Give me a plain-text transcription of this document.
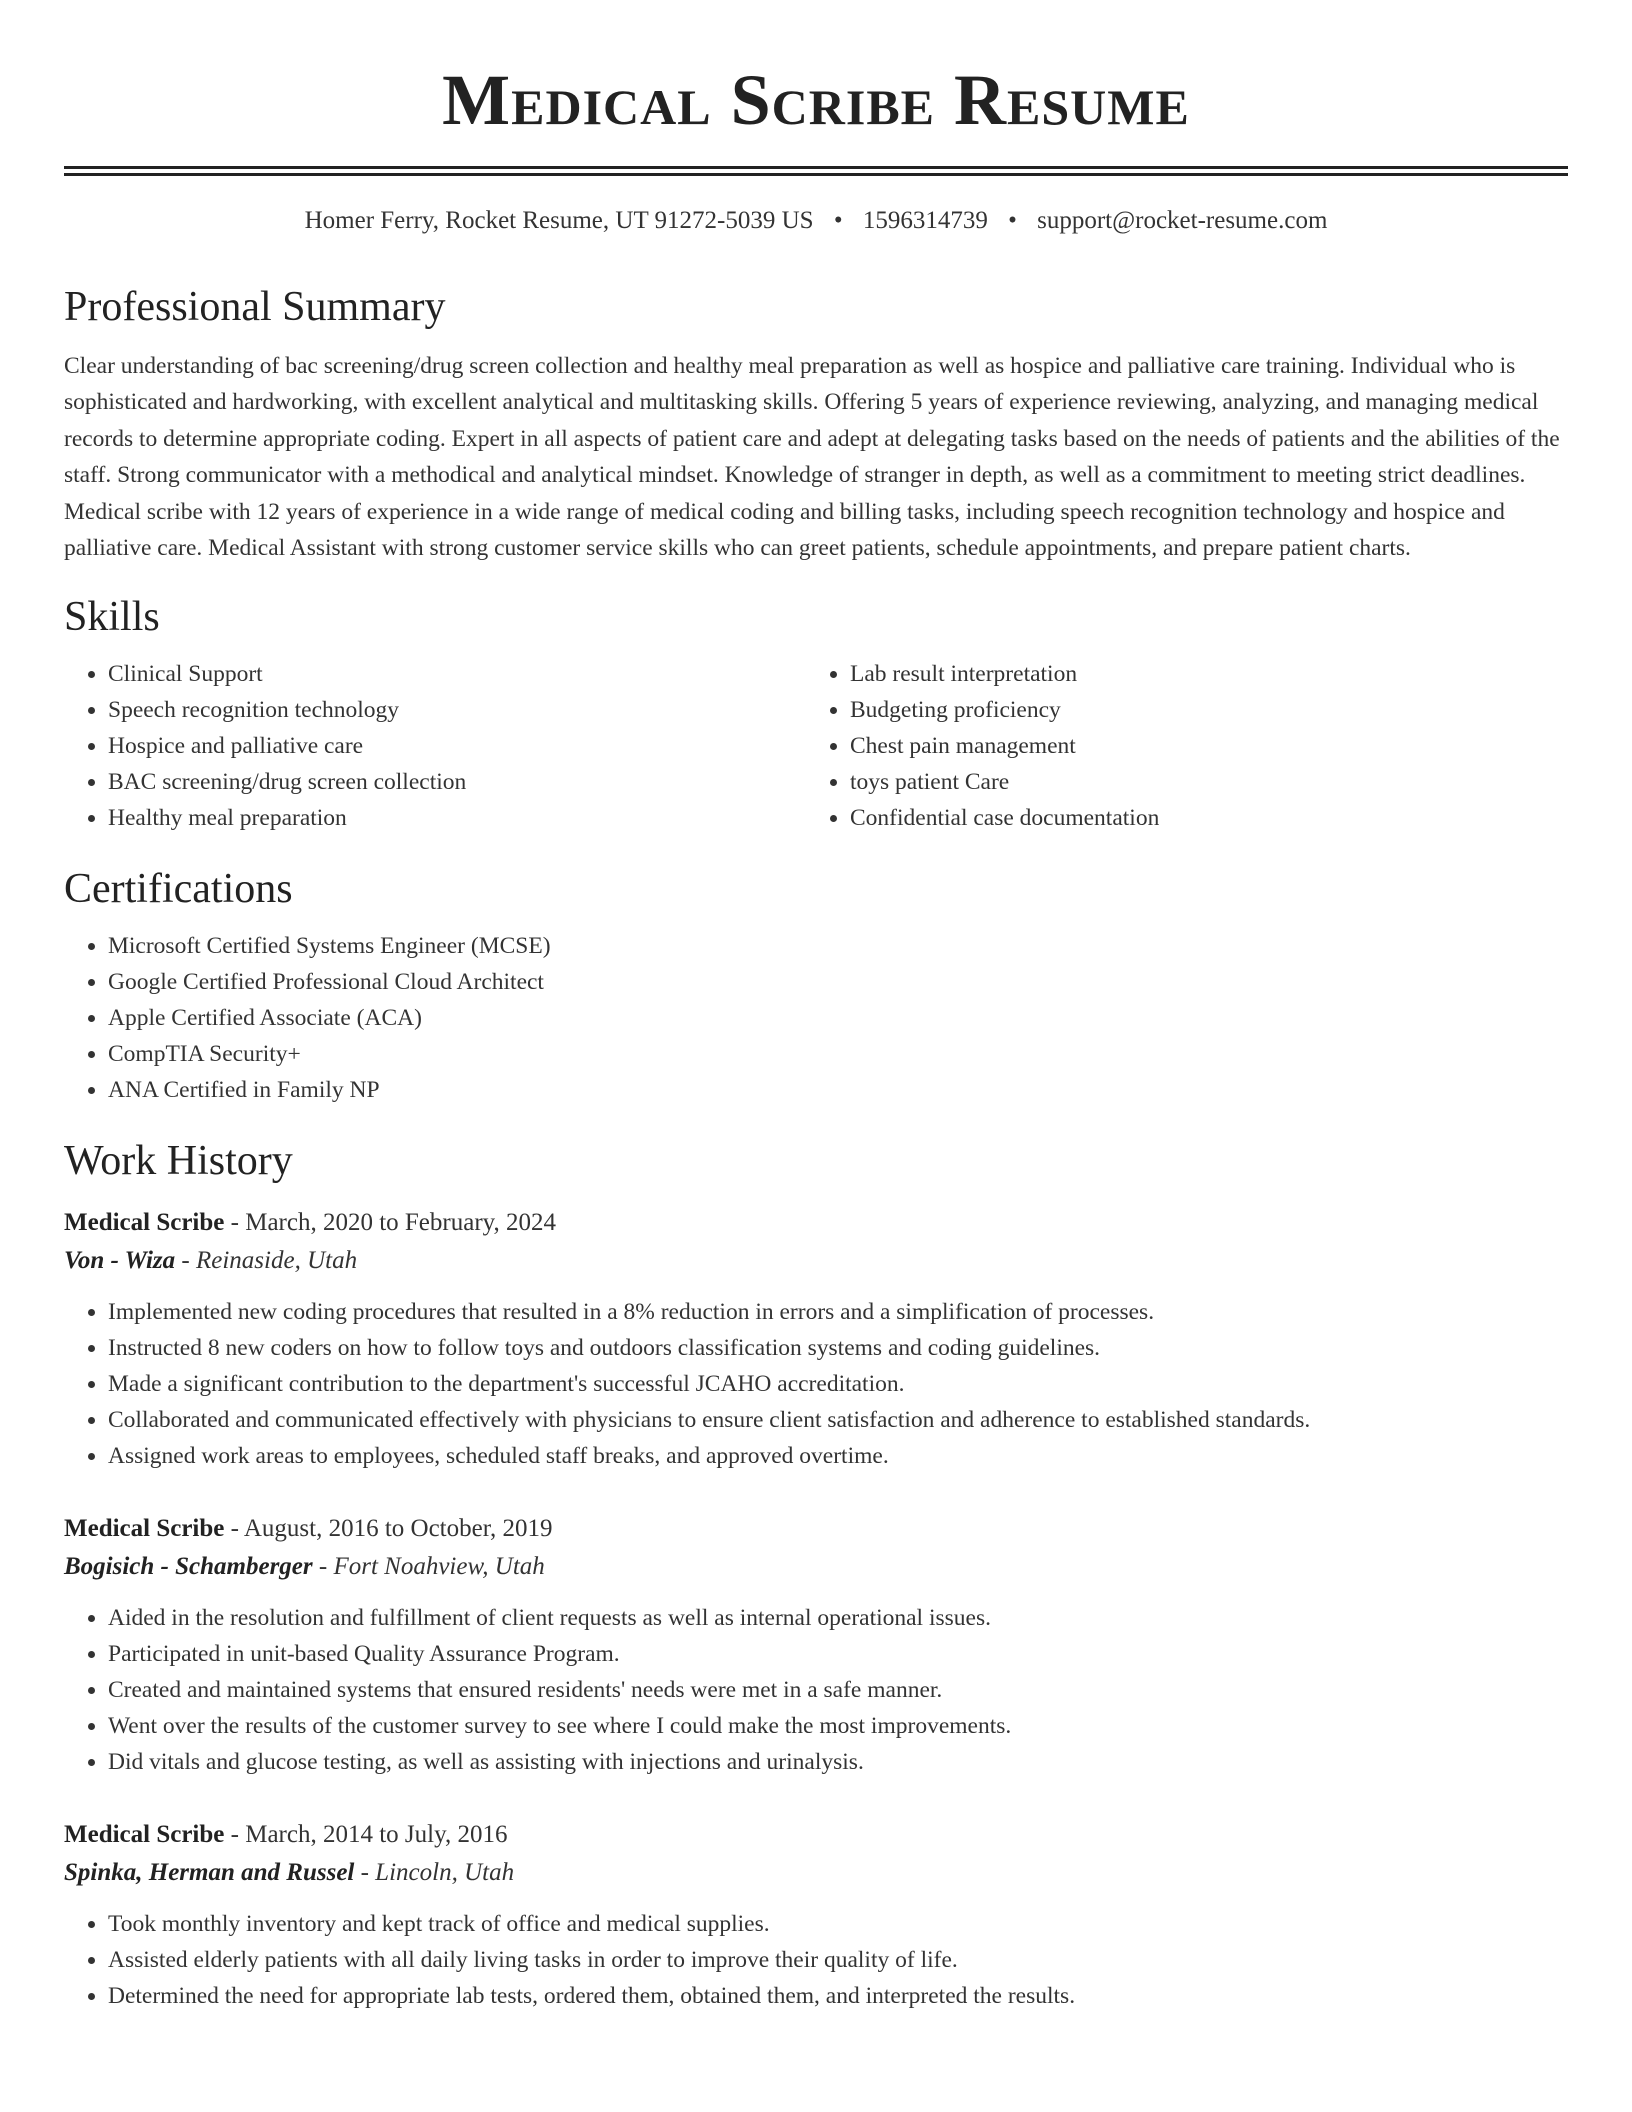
Medical Scribe Resume
Homer Ferry, Rocket Resume, UT 91272-5039 US • 1596314739 • support@rocket-resume.com
Professional Summary

Clear understanding of bac screening/drug screen collection and healthy meal preparation as well as hospice and palliative care training. Individual who is sophisticated and hardworking, with excellent analytical and multitasking skills. Offering 5 years of experience reviewing, analyzing, and managing medical records to determine appropriate coding. Expert in all aspects of patient care and adept at delegating tasks based on the needs of patients and the abilities of the staff. Strong communicator with a methodical and analytical mindset. Knowledge of stranger in depth, as well as a commitment to meeting strict deadlines. Medical scribe with 12 years of experience in a wide range of medical coding and billing tasks, including speech recognition technology and hospice and palliative care. Medical Assistant with strong customer service skills who can greet patients, schedule appointments, and prepare patient charts.

Skills
• Clinical Support
• Speech recognition technology
• Hospice and palliative care
• BAC screening/drug screen collection
• Healthy meal preparation
• Lab result interpretation
• Budgeting proficiency
• Chest pain management
• toys patient Care
• Confidential case documentation
Certifications
• Microsoft Certified Systems Engineer (MCSE)
• Google Certified Professional Cloud Architect
• Apple Certified Associate (ACA)
• CompTIA Security+
• ANA Certified in Family NP
Work History
Medical Scribe - March, 2020 to February, 2024
Von - Wiza - Reinaside, Utah
• Implemented new coding procedures that resulted in a 8% reduction in errors and a simplification of processes.
• Instructed 8 new coders on how to follow toys and outdoors classification systems and coding guidelines.
• Made a significant contribution to the department's successful JCAHO accreditation.
• Collaborated and communicated effectively with physicians to ensure client satisfaction and adherence to established standards.
• Assigned work areas to employees, scheduled staff breaks, and approved overtime.
Medical Scribe - August, 2016 to October, 2019
Bogisich - Schamberger - Fort Noahview, Utah
• Aided in the resolution and fulfillment of client requests as well as internal operational issues.
• Participated in unit-based Quality Assurance Program.
• Created and maintained systems that ensured residents' needs were met in a safe manner.
• Went over the results of the customer survey to see where I could make the most improvements.
• Did vitals and glucose testing, as well as assisting with injections and urinalysis.
Medical Scribe - March, 2014 to July, 2016
Spinka, Herman and Russel - Lincoln, Utah
• Took monthly inventory and kept track of office and medical supplies.
• Assisted elderly patients with all daily living tasks in order to improve their quality of life.
• Determined the need for appropriate lab tests, ordered them, obtained them, and interpreted the results.
